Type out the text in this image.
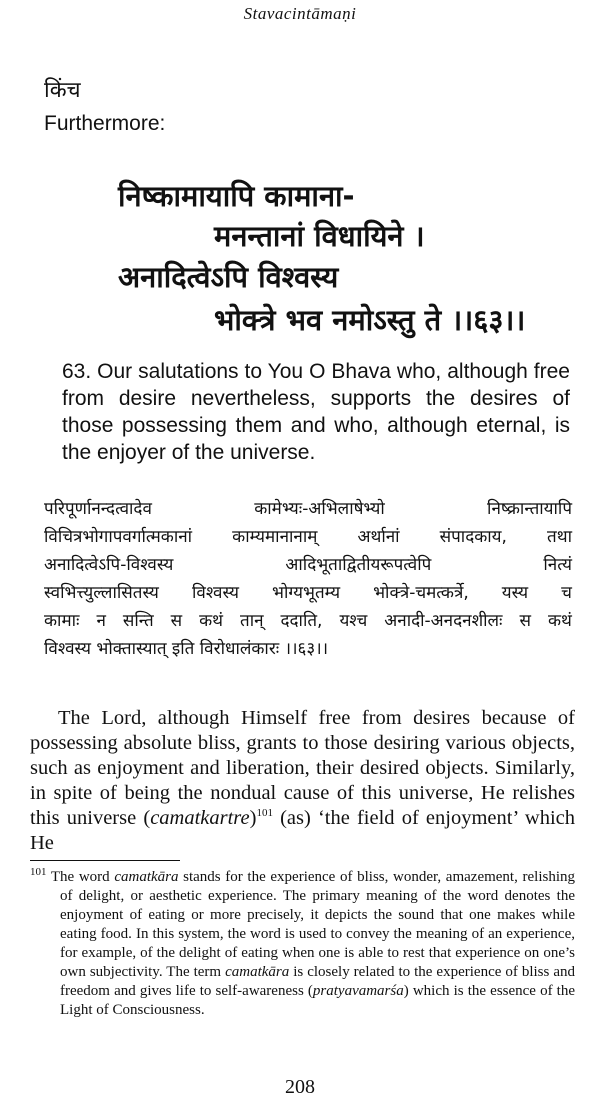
Stavacintāmaṇi
किंच
Furthermore:
निष्कामायापि कामाना-
मनन्तानां विधायिने ।
अनादित्वेऽपि विश्वस्य
भोक्त्रे भव नमोऽस्तु ते ।।६३।।
63. Our salutations to You O Bhava who, although free from desire nevertheless, supports the desires of those possessing them and who, although eternal, is the enjoyer of the universe.
परिपूर्णानन्दत्वादेव	कामेभ्यः-अभिलाषेभ्यो	निष्क्रान्तायापि
विचित्रभोगापवर्गात्मकानां काम्यमानानाम् अर्थानां संपादकाय, तथा
अनादित्वेऽपि-विश्वस्य	आदिभूताद्वितीयरूपत्वेपि	नित्यं
स्वभित्त्युल्लासितस्य विश्वस्य भोग्यभूतम्य भोक्त्रे-चमत्कर्त्रे, यस्य च
कामाः न सन्ति स कथं तान् ददाति, यश्च अनादी-अनदनशीलः स कथं
विश्वस्य भोक्तास्यात् इति विरोधालंकारः ।।६३।।
The Lord, although Himself free from desires because of possessing absolute bliss, grants to those desiring various objects, such as enjoyment and liberation, their desired objects. Similarly, in spite of being the nondual cause of this universe, He relishes this universe (camatkartre)$^{101}$ (as) ‘the field of enjoyment’ which He
$^{101}$ The word camatkāra stands for the experience of bliss, wonder, amazement, relishing of delight, or aesthetic experience. The primary meaning of the word denotes the enjoyment of eating or more precisely, it depicts the sound that one makes while eating food. In this system, the word is used to convey the meaning of an experience, for example, of the delight of eating when one is able to rest that experience on one’s own subjectivity. The term camatkāra is closely related to the experience of bliss and freedom and gives life to self-awareness (pratyavamarśa) which is the essence of the Light of Consciousness.
208
